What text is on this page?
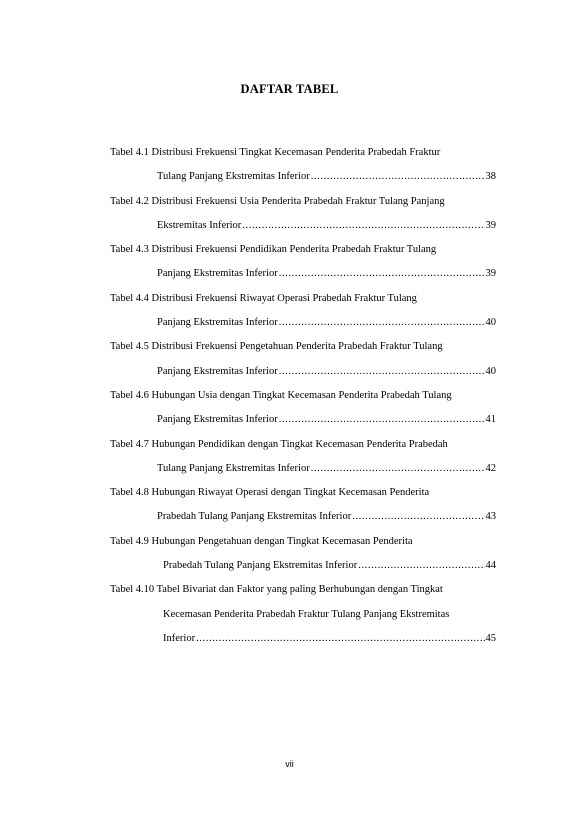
DAFTAR TABEL
Tabel 4.1 Distribusi Frekuensi Tingkat Kecemasan Penderita Prabedah Fraktur
Tulang Panjang Ekstremitas Inferior .....	38
Tabel 4.2 Distribusi Frekuensi Usia Penderita Prabedah Fraktur Tulang Panjang
Ekstremitas Inferior .....	39
Tabel 4.3 Distribusi Frekuensi Pendidikan Penderita Prabedah Fraktur Tulang
Panjang Ekstremitas Inferior .....	39
Tabel 4.4 Distribusi Frekuensi Riwayat Operasi Prabedah Fraktur Tulang
Panjang Ekstremitas Inferior .....	40
Tabel 4.5 Distribusi Frekuensi Pengetahuan Penderita Prabedah Fraktur Tulang
Panjang Ekstremitas Inferior .....	40
Tabel 4.6 Hubungan Usia dengan Tingkat Kecemasan Penderita Prabedah Tulang
Panjang Ekstremitas Inferior .....	41
Tabel 4.7 Hubungan Pendidikan dengan Tingkat Kecemasan Penderita Prabedah
Tulang Panjang Ekstremitas Inferior .....	42
Tabel 4.8 Hubungan Riwayat Operasi dengan Tingkat Kecemasan Penderita
Prabedah Tulang Panjang Ekstremitas Inferior .....	43
Tabel 4.9 Hubungan Pengetahuan dengan Tingkat Kecemasan Penderita
Prabedah Tulang Panjang Ekstremitas Inferior .....	44
Tabel 4.10 Tabel Bivariat dan Faktor yang paling Berhubungan dengan Tingkat
Kecemasan Penderita Prabedah Fraktur Tulang Panjang Ekstremitas
Inferior .....	45
vii
